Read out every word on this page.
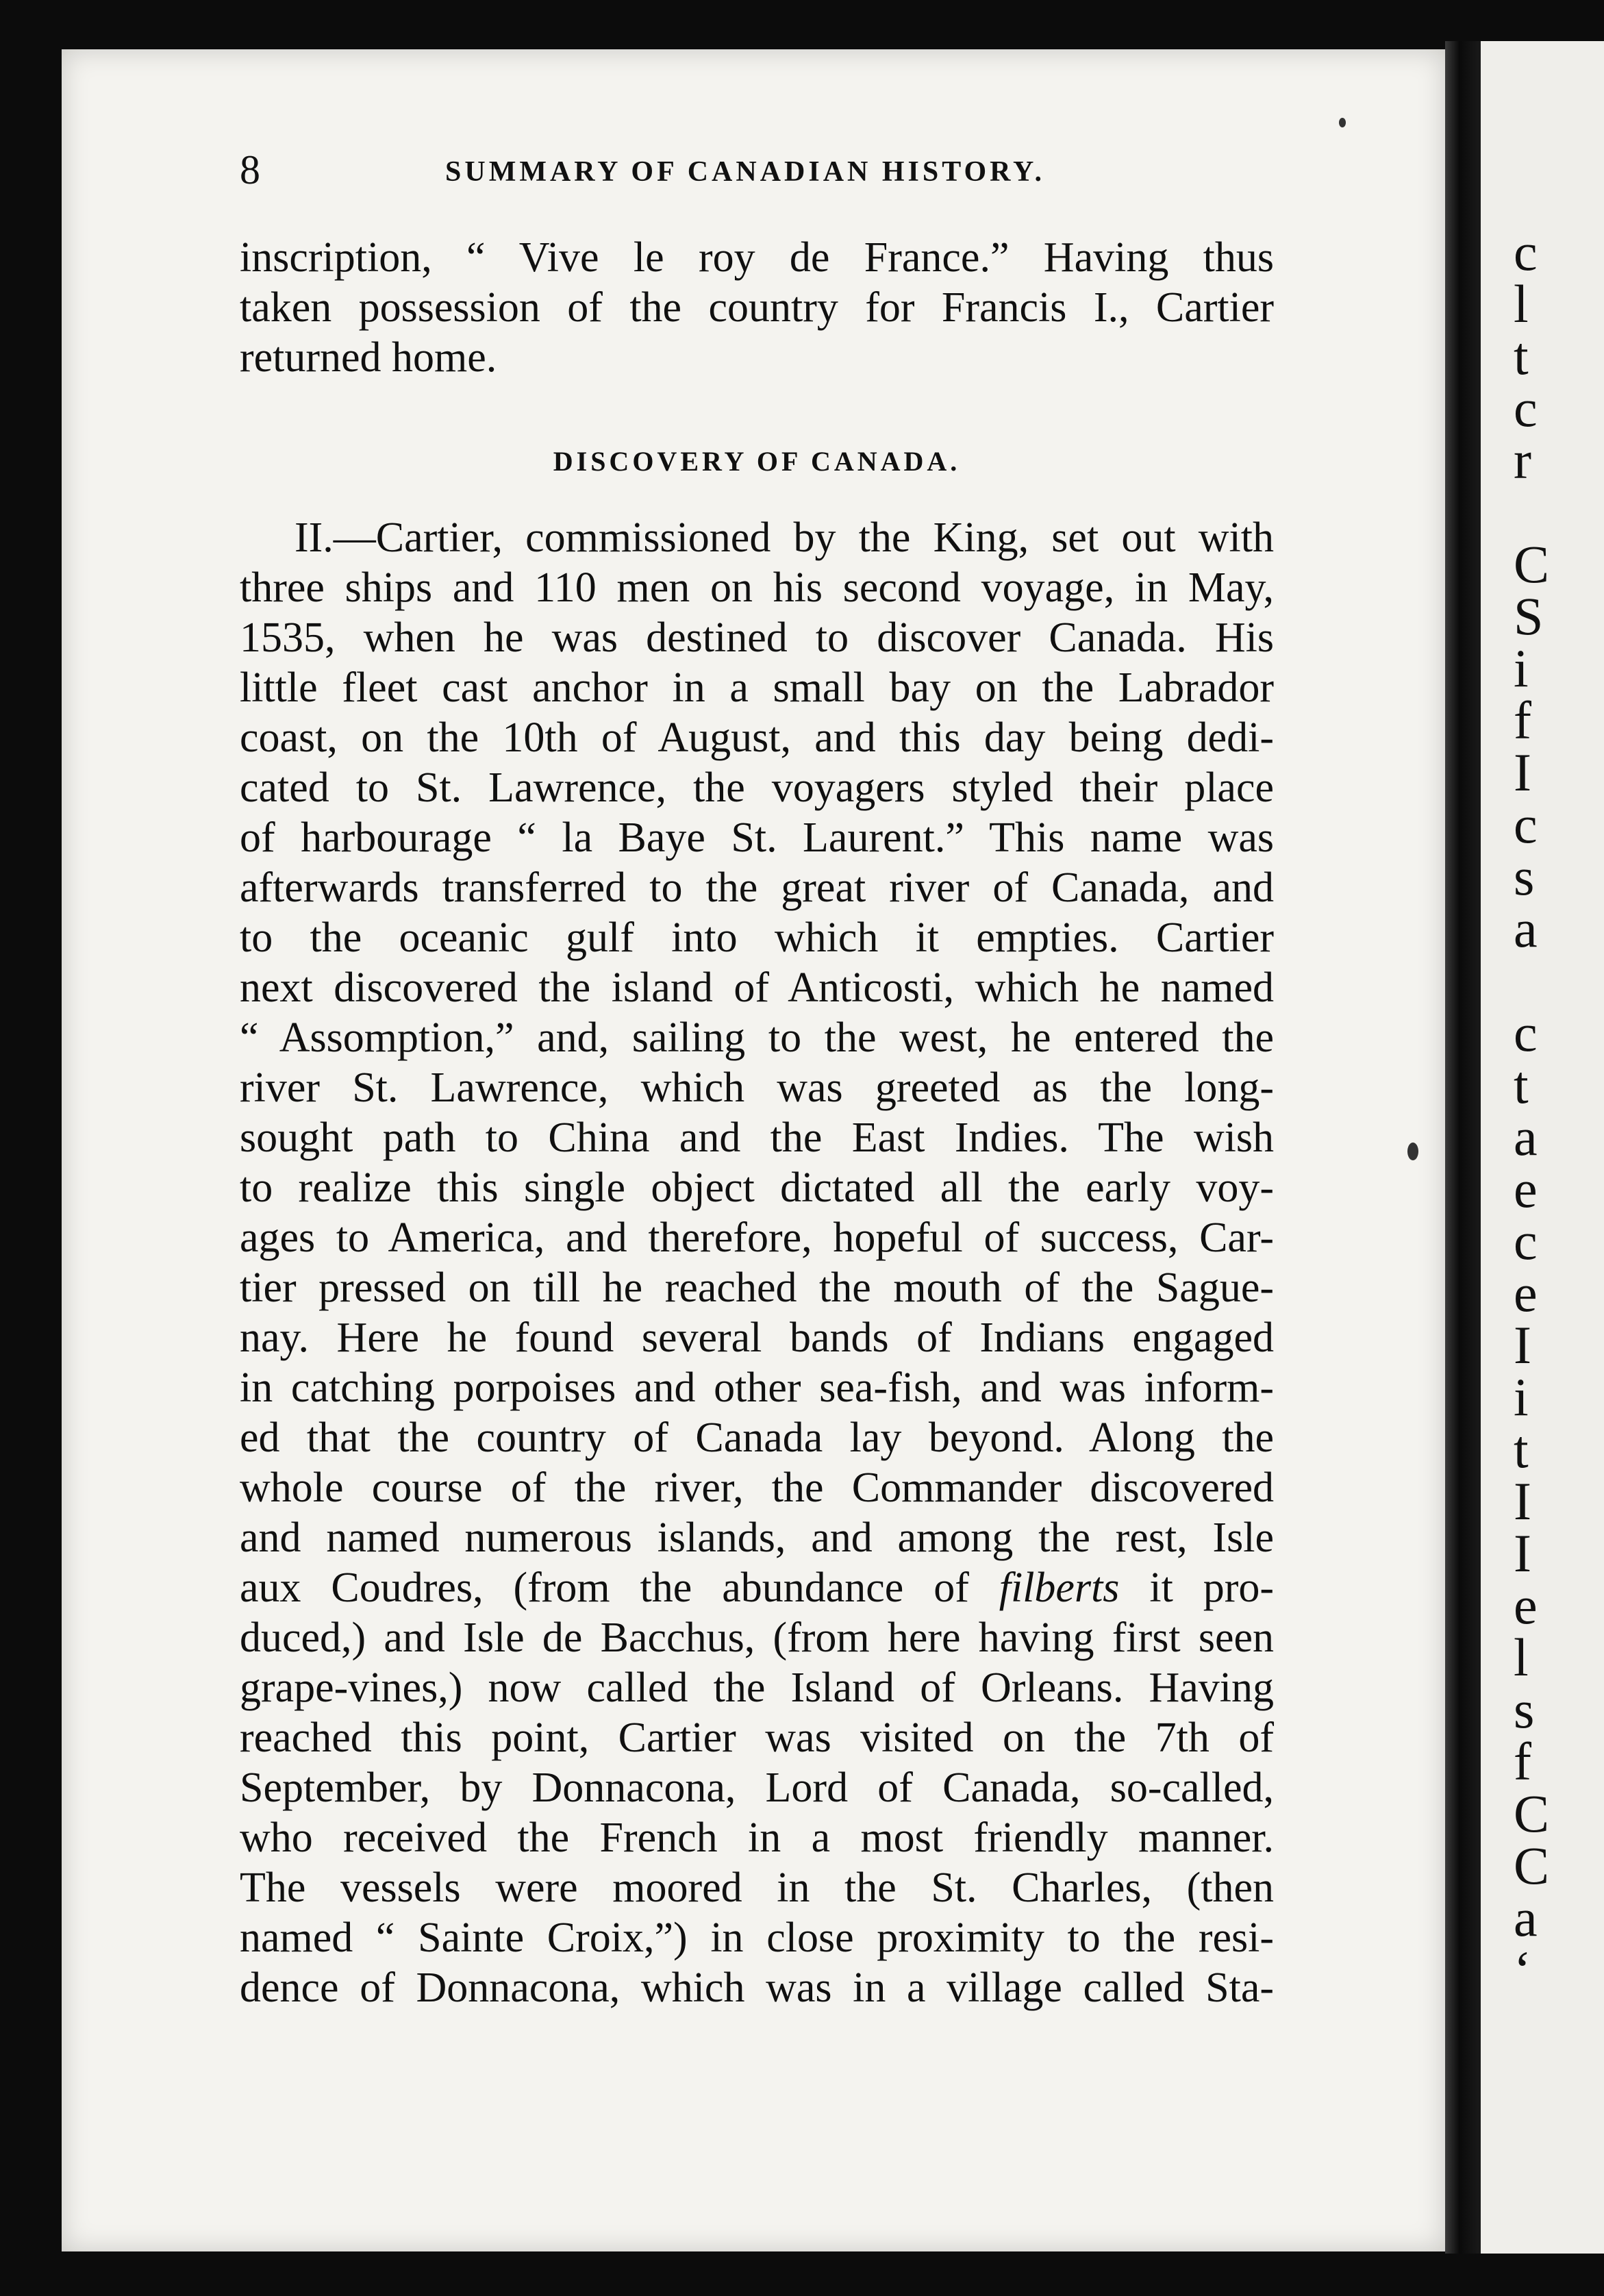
c
l
t
c
r

C
S
i
f
I
c
s
a

c
t
a
e
c
e
I
i
t
I
I
e
l
s
f
C
C
a
‘
8	SUMMARY OF CANADIAN HISTORY.
inscription, “ Vive le roy de France.” Having thus
taken possession of the country for Francis I., Cartier
returned home.
DISCOVERY OF CANADA.
II.—Cartier, commissioned by the King, set out with
three ships and 110 men on his second voyage, in May,
1535, when he was destined to discover Canada. His
little fleet cast anchor in a small bay on the Labrador
coast, on the 10th of August, and this day being dedi-
cated to St. Lawrence, the voyagers styled their place
of harbourage “ la Baye St. Laurent.” This name was
afterwards transferred to the great river of Canada, and
to the oceanic gulf into which it empties. Cartier
next discovered the island of Anticosti, which he named
“ Assomption,” and, sailing to the west, he entered the
river St. Lawrence, which was greeted as the long-
sought path to China and the East Indies. The wish
to realize this single object dictated all the early voy-
ages to America, and therefore, hopeful of success, Car-
tier pressed on till he reached the mouth of the Sague-
nay. Here he found several bands of Indians engaged
in catching porpoises and other sea-fish, and was inform-
ed that the country of Canada lay beyond. Along the
whole course of the river, the Commander discovered
and named numerous islands, and among the rest, Isle
aux Coudres, (from the abundance of filberts it pro-
duced,) and Isle de Bacchus, (from here having first seen
grape-vines,) now called the Island of Orleans. Having
reached this point, Cartier was visited on the 7th of
September, by Donnacona, Lord of Canada, so-called,
who received the French in a most friendly manner.
The vessels were moored in the St. Charles, (then
named “ Sainte Croix,”) in close proximity to the resi-
dence of Donnacona, which was in a village called Sta-
